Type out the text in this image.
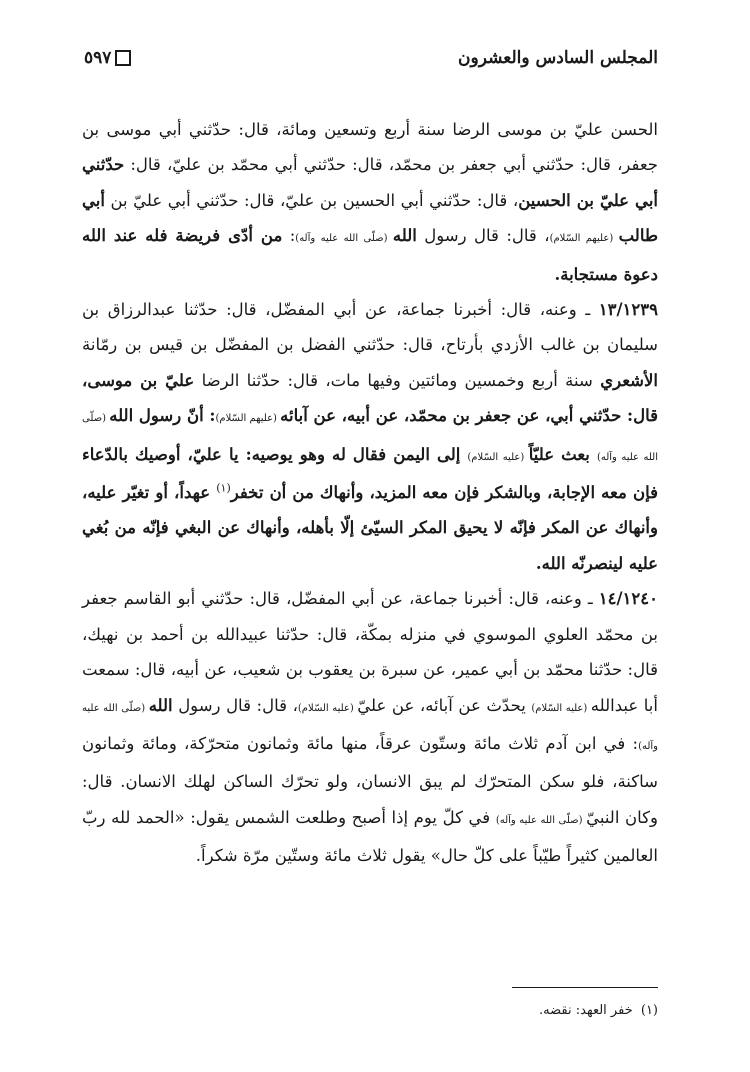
المجلس السادس والعشرون
٥٩٧

الحسن عليّ بن موسى الرضا سنة أربع وتسعين ومائة، قال: حدّثني أبي موسى بن جعفر، قال: حدّثني أبي جعفر بن محمّد، قال: حدّثني أبي محمّد بن عليّ، قال: حدّثني أبي عليّ بن الحسين، قال: حدّثني أبي الحسين بن عليّ، قال: حدّثني أبي عليّ بن أبي طالب (عليهم السّلام)، قال: قال رسول الله (صلّى الله عليه وآله): من أدّى فريضة فله عند الله دعوة مستجابة.

١٣/١٢٣٩ ـ وعنه، قال: أخبرنا جماعة، عن أبي المفضّل، قال: حدّثنا عبدالرزاق بن سليمان بن غالب الأزدي بأرتاح، قال: حدّثني الفضل بن المفضّل بن قيس بن رمّانة الأشعري سنة أربع وخمسين ومائتين وفيها مات، قال: حدّثنا الرضا عليّ بن موسى، قال: حدّثني أبي، عن جعفر بن محمّد، عن أبيه، عن آبائه (عليهم السّلام): أنّ رسول الله (صلّى الله عليه وآله) بعث عليّاً (عليه السّلام) إلى اليمن فقال له وهو يوصيه: يا عليّ، أوصيك بالدّعاء فإن معه الإجابة، وبالشكر فإن معه المزيد، وأنهاك من أن تخفر$^{(١)}$ عهداً، أو تغيّر عليه، وأنهاك عن المكر فإنّه لا يحيق المكر السيّئ إلّا بأهله، وأنهاك عن البغي فإنّه من بُغي عليه لينصرنّه الله.

١٤/١٢٤٠ ـ وعنه، قال: أخبرنا جماعة، عن أبي المفضّل، قال: حدّثني أبو القاسم جعفر بن محمّد العلوي الموسوي في منزله بمكّة، قال: حدّثنا عبيدالله بن أحمد بن نهيك، قال: حدّثنا محمّد بن أبي عمير، عن سبرة بن يعقوب بن شعيب، عن أبيه، قال: سمعت أبا عبدالله (عليه السّلام) يحدّث عن آبائه، عن عليّ (عليه السّلام)، قال: قال رسول الله (صلّى الله عليه وآله): في ابن آدم ثلاث مائة وستّون عرقاً، منها مائة وثمانون متحرّكة، ومائة وثمانون ساكنة، فلو سكن المتحرّك لم يبق الانسان، ولو تحرّك الساكن لهلك الانسان. قال: وكان النبيّ (صلّى الله عليه وآله) في كلّ يوم إذا أصبح وطلعت الشمس يقول: «الحمد لله ربّ العالمين كثيراً طيّباً على كلّ حال» يقول ثلاث مائة وستّين مرّة شكراً.

(١) خفر العهد: نقضه.
